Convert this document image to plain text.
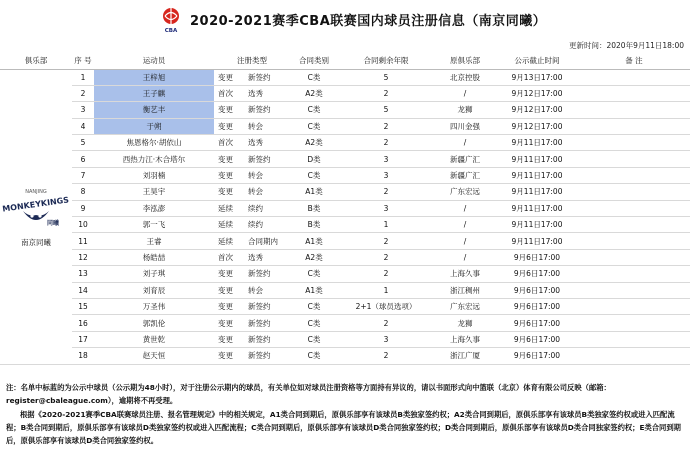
CBA
2020-2021赛季CBA联赛国内球员注册信息（南京同曦）
更新时间：2020年9月11日18:00
俱乐部	序 号	运动员	注册类型	合同类别	合同剩余年限	原俱乐部	公示截止时间	备 注

NANJING
MONKEYKINGS
同曦
南京同曦	1	王梓旭	变更 新签约	C类	5	北京控股	9月13日17:00	
	2	王子麒	首次 选秀	A2类	2	/	9月12日17:00	
	3	衡艺丰	变更 新签约	C类	5	龙狮	9月12日17:00	
	4	于朔	变更 转会	C类	2	四川金强	9月12日17:00	
	5	焦恩格尔·胡依山	首次 选秀	A2类	2	/	9月11日17:00	
	6	西热力江·木合塔尔	变更 新签约	D类	3	新疆广汇	9月11日17:00	
	7	刘羽楠	变更 转会	C类	3	新疆广汇	9月11日17:00	
	8	王昊宇	变更 转会	A1类	2	广东宏远	9月11日17:00	
	9	李泓澎	延续 续约	B类	3	/	9月11日17:00	
	10	郭一飞	延续 续约	B类	1	/	9月11日17:00	
	11	王睿	延续 合同期内	A1类	2	/	9月11日17:00	
	12	杨皓喆	首次 选秀	A2类	2	/	9月6日17:00	
	13	刘子琪	变更 新签约	C类	2	上海久事	9月6日17:00	
	14	刘育辰	变更 转会	A1类	1	浙江稠州	9月6日17:00	
	15	万圣伟	变更 新签约	C类	2+1（球员选项）	广东宏远	9月6日17:00	
	16	郭凯伦	变更 新签约	C类	2	龙狮	9月6日17:00	
	17	黄世乾	变更 新签约	C类	3	上海久事	9月6日17:00	
	18	赵天恒	变更 新签约	C类	2	浙江广厦	9月6日17:00	

注：名单中标蓝的为公示中球员（公示期为48小时），对于注册公示期内的球员，有关单位如对球员注册资格等方面持有异议的，请以书面形式向中篮联（北京）体育有限公司反映（邮箱：register@cbaleague.com），逾期将不再受理。

根据《2020-2021赛季CBA联赛球员注册、报名管理规定》中的相关规定，A1类合同到期后，原俱乐部享有该球员B类独家签约权；A2类合同到期后，原俱乐部享有该球员B类独家签约权或进入匹配流程；B类合同到期后，原俱乐部享有该球员D类独家签约权或进入匹配流程；C类合同到期后，原俱乐部享有该球员D类合同独家签约权；D类合同到期后，原俱乐部享有该球员D类合同独家签约权；E类合同到期后，原俱乐部享有该球员D类合同独家签约权。
